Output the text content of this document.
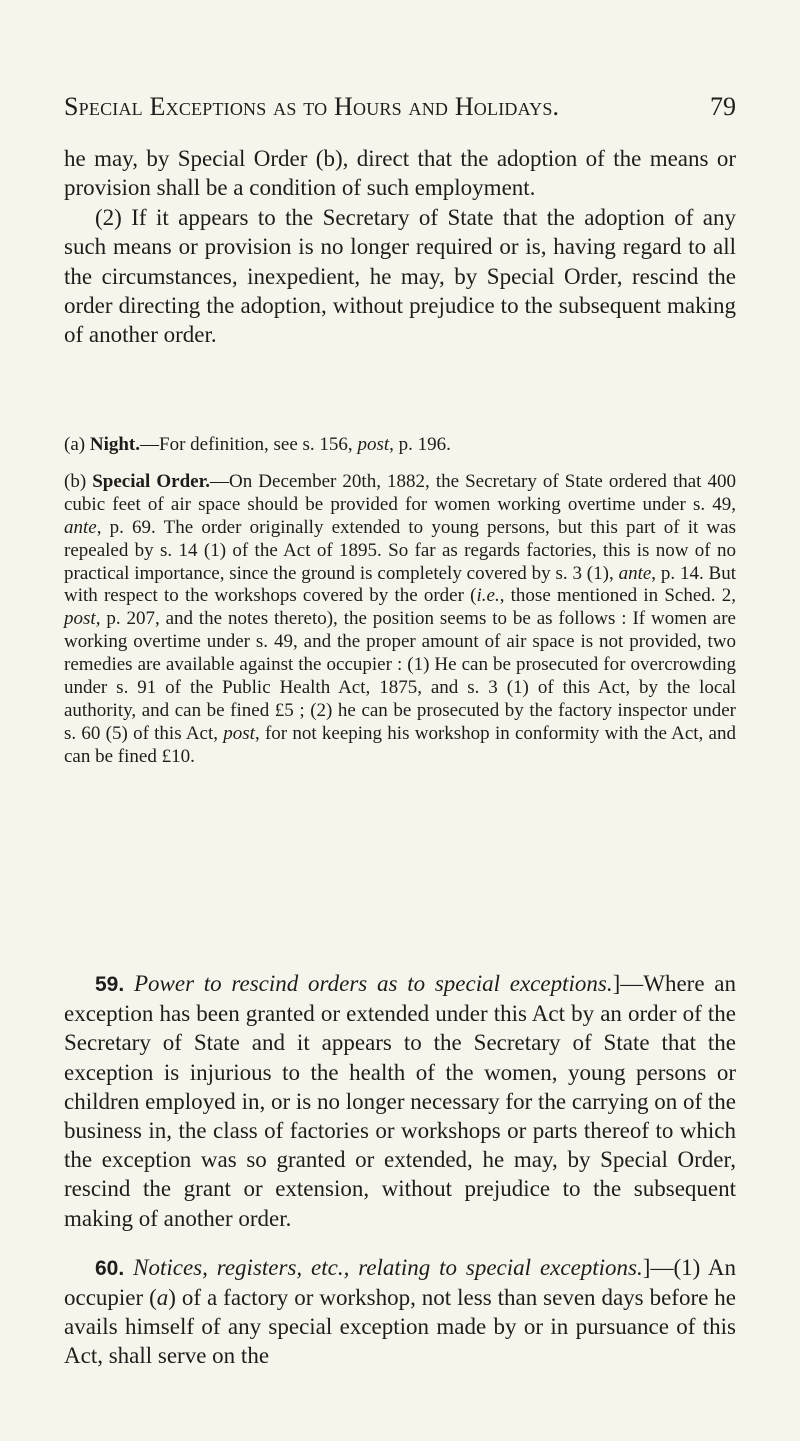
Special Exceptions as to Hours and Holidays.	79

he may, by Special Order (b), direct that the adoption of the means or provision shall be a condition of such employment.

(2) If it appears to the Secretary of State that the adoption of any such means or provision is no longer required or is, having regard to all the circumstances, inexpedient, he may, by Special Order, rescind the order directing the adoption, without prejudice to the subsequent making of another order.

(a) Night.—For definition, see s. 156, post, p. 196.

(b) Special Order.—On December 20th, 1882, the Secretary of State ordered that 400 cubic feet of air space should be provided for women working overtime under s. 49, ante, p. 69. The order originally extended to young persons, but this part of it was repealed by s. 14 (1) of the Act of 1895. So far as regards factories, this is now of no practical importance, since the ground is completely covered by s. 3 (1), ante, p. 14. But with respect to the workshops covered by the order (i.e., those mentioned in Sched. 2, post, p. 207, and the notes thereto), the position seems to be as follows : If women are working overtime under s. 49, and the proper amount of air space is not provided, two remedies are available against the occupier : (1) He can be prosecuted for overcrowding under s. 91 of the Public Health Act, 1875, and s. 3 (1) of this Act, by the local authority, and can be fined £5 ; (2) he can be prosecuted by the factory inspector under s. 60 (5) of this Act, post, for not keeping his workshop in conformity with the Act, and can be fined £10.

59. Power to rescind orders as to special exceptions.]—Where an exception has been granted or extended under this Act by an order of the Secretary of State and it appears to the Secretary of State that the exception is injurious to the health of the women, young persons or children employed in, or is no longer necessary for the carrying on of the business in, the class of factories or workshops or parts thereof to which the exception was so granted or extended, he may, by Special Order, rescind the grant or extension, without prejudice to the subsequent making of another order.

60. Notices, registers, etc., relating to special exceptions.]—(1) An occupier (a) of a factory or workshop, not less than seven days before he avails himself of any special exception made by or in pursuance of this Act, shall serve on the
